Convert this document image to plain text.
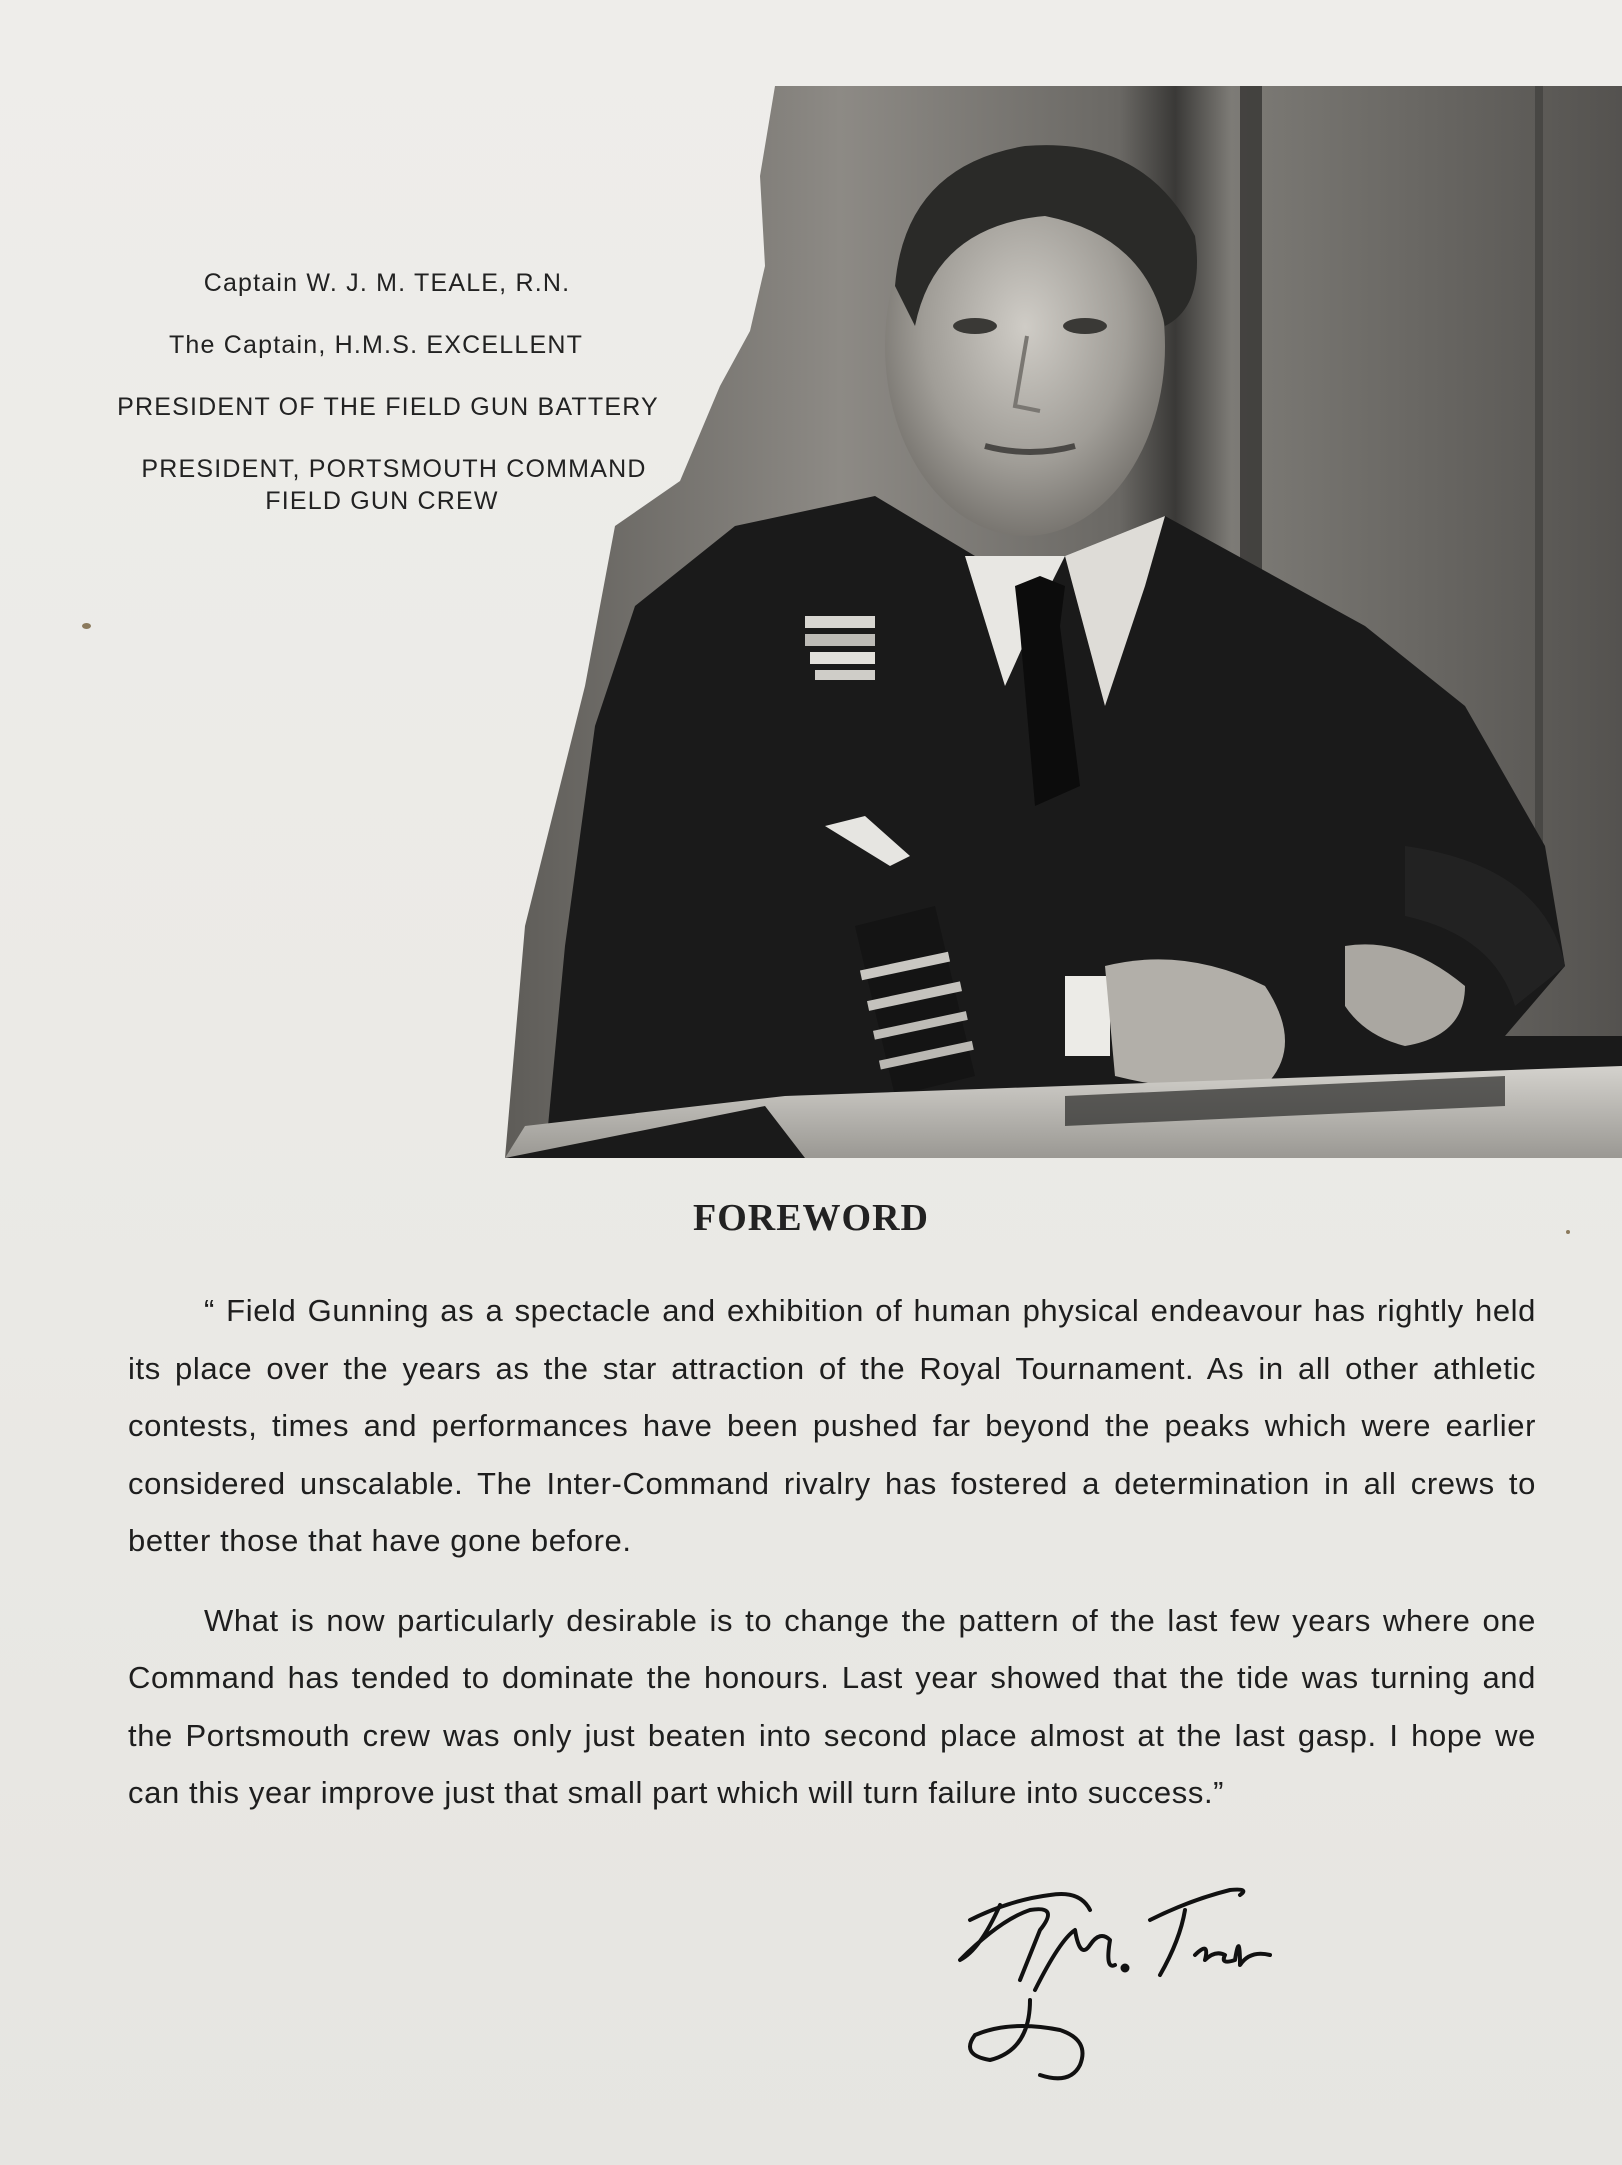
Captain W. J. M. TEALE, R.N.
The Captain, H.M.S. EXCELLENT
PRESIDENT OF THE FIELD GUN BATTERY
PRESIDENT, PORTSMOUTH COMMAND
FIELD GUN CREW
FOREWORD

“ Field Gunning as a spectacle and exhibition of human physical endeavour has rightly held its place over the years as the star attraction of the Royal Tournament. As in all other athletic contests, times and performances have been pushed far beyond the peaks which were earlier considered unscalable. The Inter-Command rivalry has fostered a determination in all crews to better those that have gone before.

What is now particularly desirable is to change the pattern of the last few years where one Command has tended to dominate the honours. Last year showed that the tide was turning and the Portsmouth crew was only just beaten into second place almost at the last gasp. I hope we can this year improve just that small part which will turn failure into success.”
